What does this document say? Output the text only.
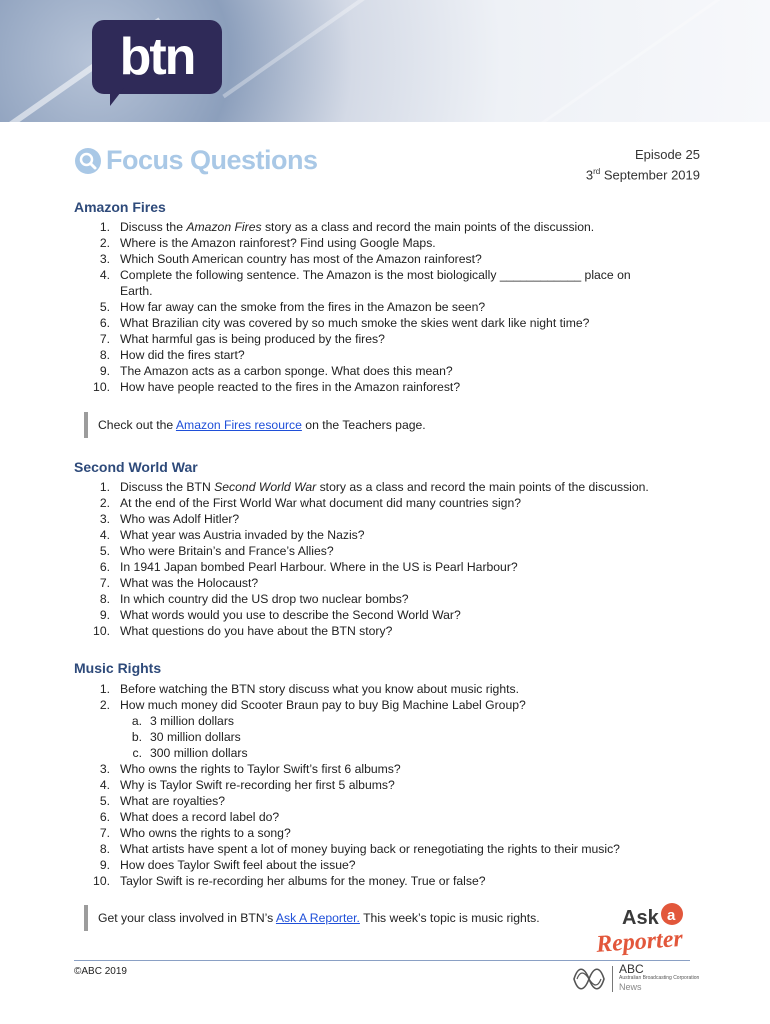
btn
Focus Questions	Episode 25
3rd September 2019
Amazon Fires
1. Discuss the Amazon Fires story as a class and record the main points of the discussion.
2. Where is the Amazon rainforest? Find using Google Maps.
3. Which South American country has most of the Amazon rainforest?
4. Complete the following sentence. The Amazon is the most biologically ____________ place on
Earth.
5. How far away can the smoke from the fires in the Amazon be seen?
6. What Brazilian city was covered by so much smoke the skies went dark like night time?
7. What harmful gas is being produced by the fires?
8. How did the fires start?
9. The Amazon acts as a carbon sponge. What does this mean?
10. How have people reacted to the fires in the Amazon rainforest?
Check out the Amazon Fires resource on the Teachers page.
Second World War
1. Discuss the BTN Second World War story as a class and record the main points of the discussion.
2. At the end of the First World War what document did many countries sign?
3. Who was Adolf Hitler?
4. What year was Austria invaded by the Nazis?
5. Who were Britain’s and France’s Allies?
6. In 1941 Japan bombed Pearl Harbour. Where in the US is Pearl Harbour?
7. What was the Holocaust?
8. In which country did the US drop two nuclear bombs?
9. What words would you use to describe the Second World War?
10. What questions do you have about the BTN story?
Music Rights
1. Before watching the BTN story discuss what you know about music rights.
2. How much money did Scooter Braun pay to buy Big Machine Label Group?
a. 3 million dollars
b. 30 million dollars
c. 300 million dollars
3. Who owns the rights to Taylor Swift’s first 6 albums?
4. Why is Taylor Swift re-recording her first 5 albums?
5. What are royalties?
6. What does a record label do?
7. Who owns the rights to a song?
8. What artists have spent a lot of money buying back or renegotiating the rights to their music?
9. How does Taylor Swift feel about the issue?
10. Taylor Swift is re-recording her albums for the money. True or false?
Get your class involved in BTN’s Ask A Reporter. This week’s topic is music rights.	Ask a
Reporter
©ABC 2019	ABC
Australian Broadcasting Corporation
News
